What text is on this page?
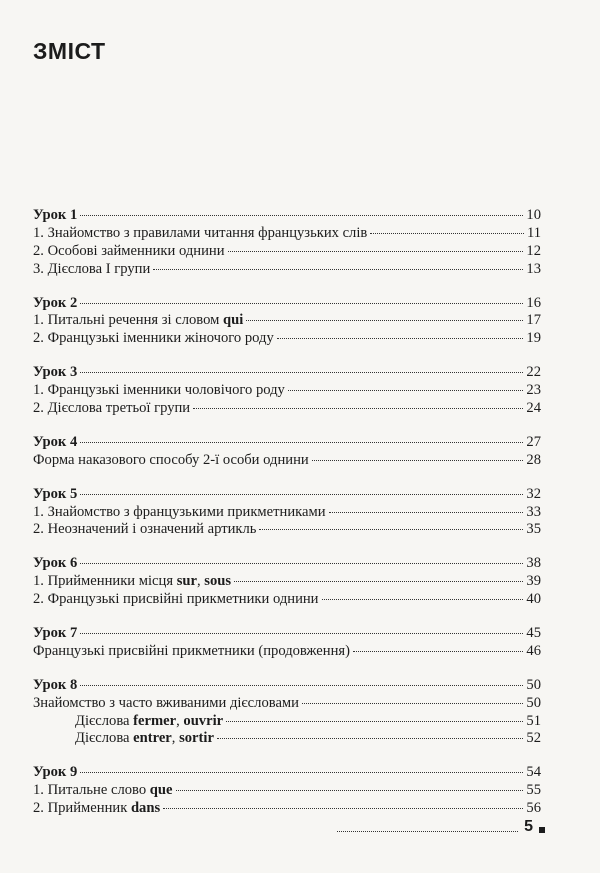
ЗМІСТ
Урок 1	10
1. Знайомство з правилами читання французьких слів	11
2. Особові займенники однини	12
3. Дієслова I групи	13
Урок 2	16
1. Питальні речення зі словом qui	17
2. Французькі іменники жіночого роду	19
Урок 3	22
1. Французькі іменники чоловічого роду	23
2. Дієслова третьої групи	24
Урок 4	27
Форма наказового способу 2-ї особи однини	28
Урок 5	32
1. Знайомство з французькими прикметниками	33
2. Неозначений і означений артикль	35
Урок 6	38
1. Прийменники місця sur, sous	39
2. Французькі присвійні прикметники однини	40
Урок 7	45
Французькі присвійні прикметники (продовження)	46
Урок 8	50
Знайомство з часто вживаними дієсловами	50
Дієслова fermer, ouvrir	51
Дієслова entrer, sortir	52
Урок 9	54
1. Питальне слово que	55
2. Прийменник dans	56
5
